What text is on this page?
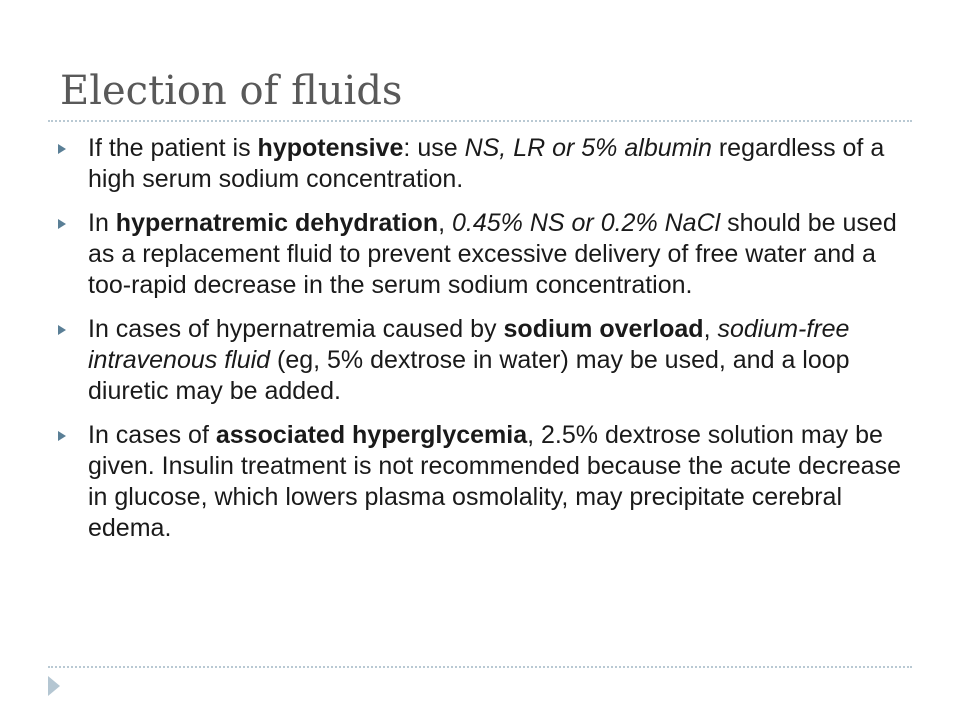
Election of fluids
If the patient is hypotensive: use NS, LR or 5% albumin regardless of a high serum sodium concentration.
In hypernatremic dehydration, 0.45% NS or 0.2% NaCl should be used as a replacement fluid to prevent excessive delivery of free water and a too-rapid decrease in the serum sodium concentration.
In cases of hypernatremia caused by sodium overload, sodium-free intravenous fluid (eg, 5% dextrose in water) may be used, and a loop diuretic may be added.
In cases of associated hyperglycemia, 2.5% dextrose solution may be given. Insulin treatment is not recommended because the acute decrease in glucose, which lowers plasma osmolality, may precipitate cerebral edema.
